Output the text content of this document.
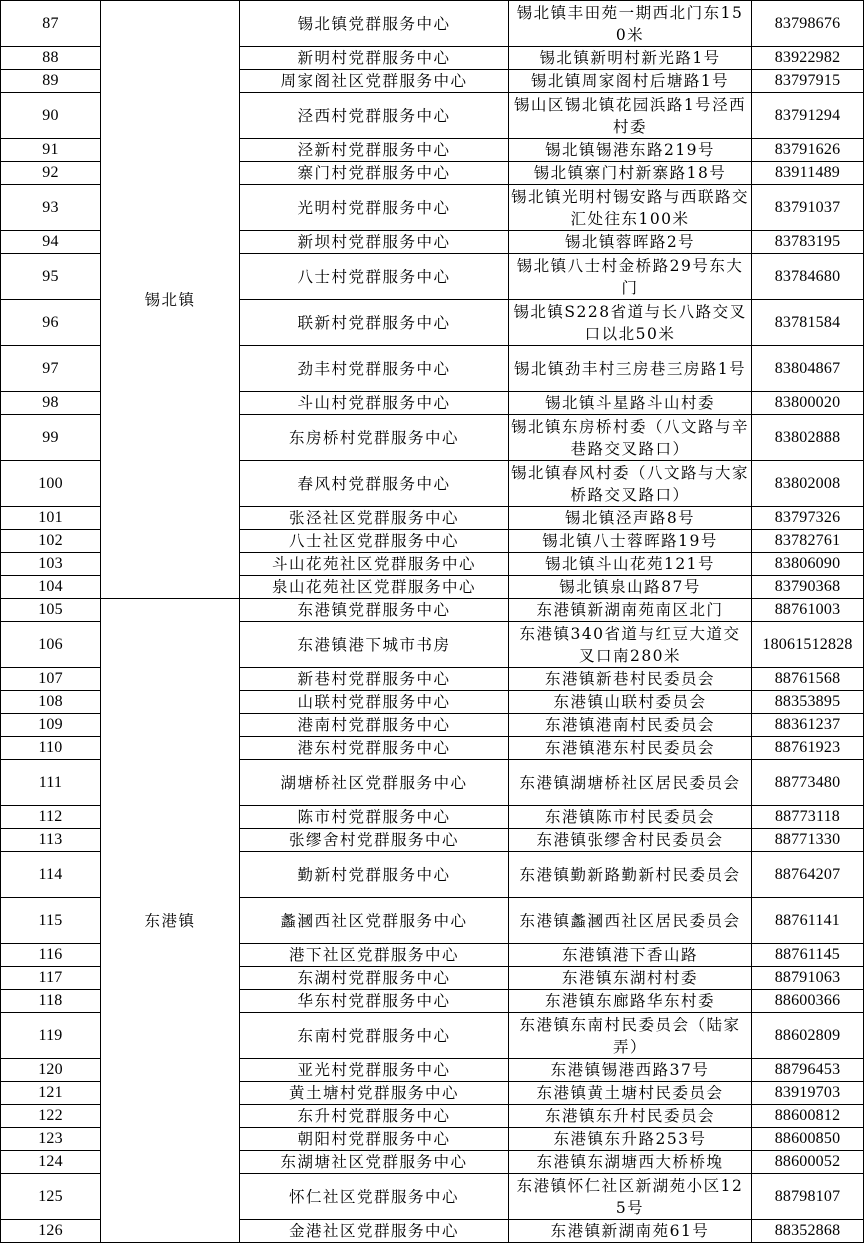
87	锡北镇	锡北镇党群服务中心	锡北镇丰田苑一期西北门东150米	83798676
88		新明村党群服务中心	锡北镇新明村新光路1号	83922982
89		周家阁社区党群服务中心	锡北镇周家阁村后塘路1号	83797915
90		泾西村党群服务中心	锡山区锡北镇花园浜路1号泾西村委	83791294
91		泾新村党群服务中心	锡北镇锡港东路219号	83791626
92		寨门村党群服务中心	锡北镇寨门村新寨路18号	83911489
93		光明村党群服务中心	锡北镇光明村锡安路与西联路交汇处往东100米	83791037
94		新坝村党群服务中心	锡北镇蓉晖路2号	83783195
95		八士村党群服务中心	锡北镇八士村金桥路29号东大门	83784680
96		联新村党群服务中心	锡北镇S228省道与长八路交叉口以北50米	83781584
97		劲丰村党群服务中心	锡北镇劲丰村三房巷三房路1号	83804867
98		斗山村党群服务中心	锡北镇斗星路斗山村委	83800020
99		东房桥村党群服务中心	锡北镇东房桥村委（八文路与辛巷路交叉路口）	83802888
100		春风村党群服务中心	锡北镇春风村委（八文路与大家桥路交叉路口）	83802008
101		张泾社区党群服务中心	锡北镇泾声路8号	83797326
102		八士社区党群服务中心	锡北镇八士蓉晖路19号	83782761
103		斗山花苑社区党群服务中心	锡北镇斗山花苑121号	83806090
104		泉山花苑社区党群服务中心	锡北镇泉山路87号	83790368
105	东港镇	东港镇党群服务中心	东港镇新湖南苑南区北门	88761003
106		东港镇港下城市书房	东港镇340省道与红豆大道交叉口南280米	18061512828
107		新巷村党群服务中心	东港镇新巷村民委员会	88761568
108		山联村党群服务中心	东港镇山联村委员会	88353895
109		港南村党群服务中心	东港镇港南村民委员会	88361237
110		港东村党群服务中心	东港镇港东村民委员会	88761923
111		湖塘桥社区党群服务中心	东港镇湖塘桥社区居民委员会	88773480
112		陈市村党群服务中心	东港镇陈市村民委员会	88773118
113		张缪舍村党群服务中心	东港镇张缪舍村民委员会	88771330
114		勤新村党群服务中心	东港镇勤新路勤新村民委员会	88764207
115		蠡漍西社区党群服务中心	东港镇蠡漍西社区居民委员会	88761141
116		港下社区党群服务中心	东港镇港下香山路	88761145
117		东湖村党群服务中心	东港镇东湖村村委	88791063
118		华东村党群服务中心	东港镇东廊路华东村委	88600366
119		东南村党群服务中心	东港镇东南村民委员会（陆家弄）	88602809
120		亚光村党群服务中心	东港镇锡港西路37号	88796453
121		黄土塘村党群服务中心	东港镇黄土塘村民委员会	83919703
122		东升村党群服务中心	东港镇东升村民委员会	88600812
123		朝阳村党群服务中心	东港镇东升路253号	88600850
124		东湖塘社区党群服务中心	东港镇东湖塘西大桥桥堍	88600052
125		怀仁社区党群服务中心	东港镇怀仁社区新湖苑小区125号	88798107
126		金港社区党群服务中心	东港镇新湖南苑61号	88352868
